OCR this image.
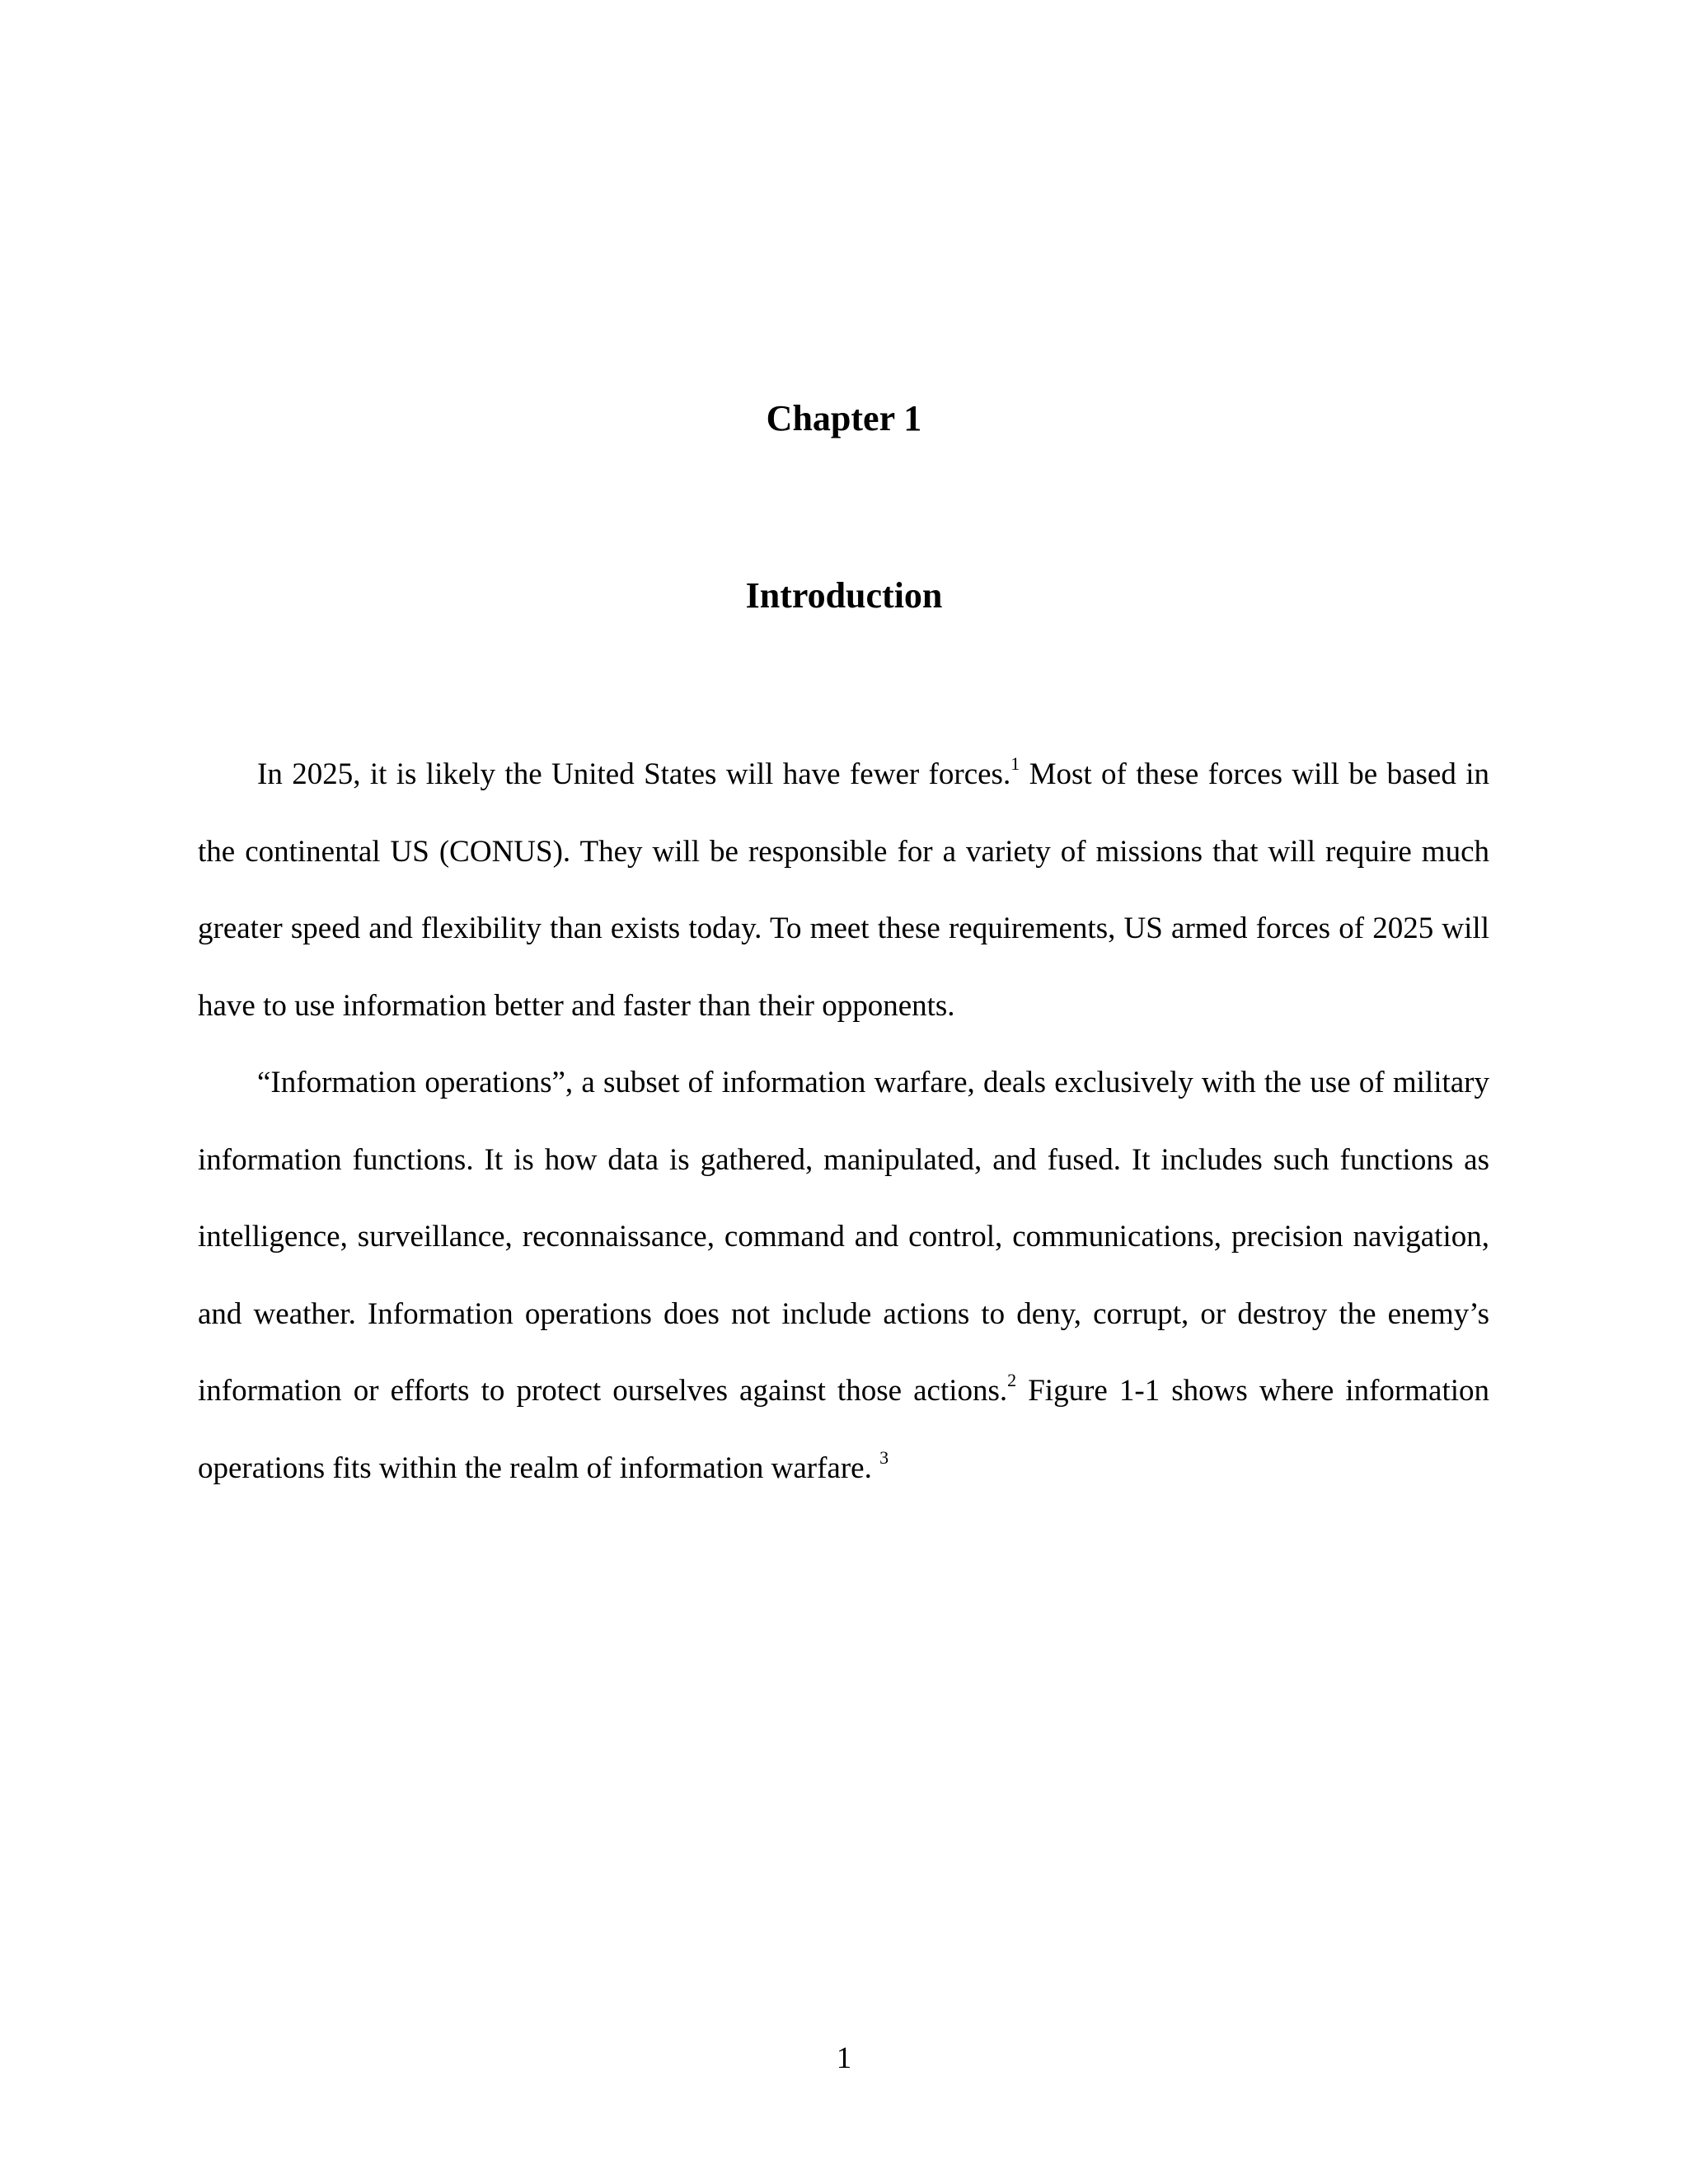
Chapter 1
Introduction

In 2025, it is likely the United States will have fewer forces.$^1$ Most of these forces will be based in the continental US (CONUS). They will be responsible for a variety of missions that will require much greater speed and flexibility than exists today. To meet these requirements, US armed forces of 2025 will have to use information better and faster than their opponents.

“Information operations”, a subset of information warfare, deals exclusively with the use of military information functions. It is how data is gathered, manipulated, and fused. It includes such functions as intelligence, surveillance, reconnaissance, command and control, communications, precision navigation, and weather. Information operations does not include actions to deny, corrupt, or destroy the enemy’s information or efforts to protect ourselves against those actions.$^2$ Figure 1-1 shows where information operations fits within the realm of information warfare. $^3$

1
